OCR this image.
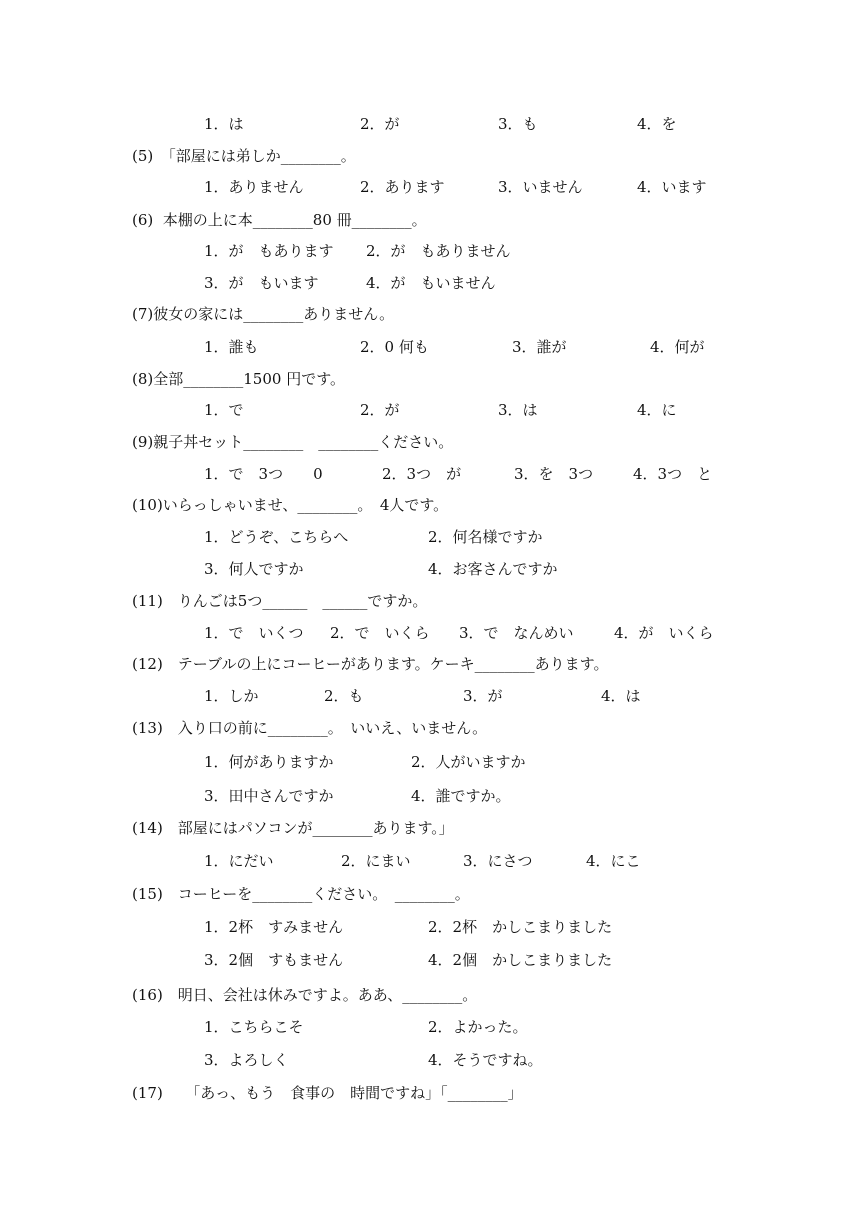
1．は	2．が	3．も	4．を
(5)　「部屋には弟しか________。
1．ありません	2．あります	3．いません	4．います
(6)  本棚の上に本________80 冊________。
1．が　もあります 2．が　もありません
3．が　もいます	4．が　もいません
(7)彼女の家には________ありません。
1．誰も	2．0 何も	3．誰が	4．何が
(8)全部________1500 円です。
1．で	2．が	3．は	4．に
(9)親子丼セット________　________ください。
1．で　3つ　　0	2．3つ　が	3．を　3つ	4．3つ　と
(10)いらっしゃいませ、________。　4人です。
1．どうぞ、こちらへ	2．何名様ですか
3．何人ですか	4．お客さんですか
(11)　りんごは5つ______　______ですか。
1．で　いくつ 2．で　いくら 3．で　なんめい	4．が　いくら
(12)　テーブルの上にコーヒーがあります。ケーキ________あります。
1．しか	2．も	3．が	4．は
(13)　入り口の前に________。　いいえ、いません。
1．何がありますか	2．人がいますか
3．田中さんですか	4．誰ですか。
(14)　部屋にはパソコンが________あります。」
1．にだい	2．にまい	3．にさつ	4．にこ
(15)　コーヒーを________ください。　________。
1．2杯　すみません	2．2杯　かしこまりました
3．2個　すもません	4．2個　かしこまりました
(16)　明日、会社は休みですよ。ああ、________。
1．こちらこそ	2．よかった。
3．よろしく	4．そうですね。
(17)　　「あっ、もう　食事の　時間ですね」「________」
